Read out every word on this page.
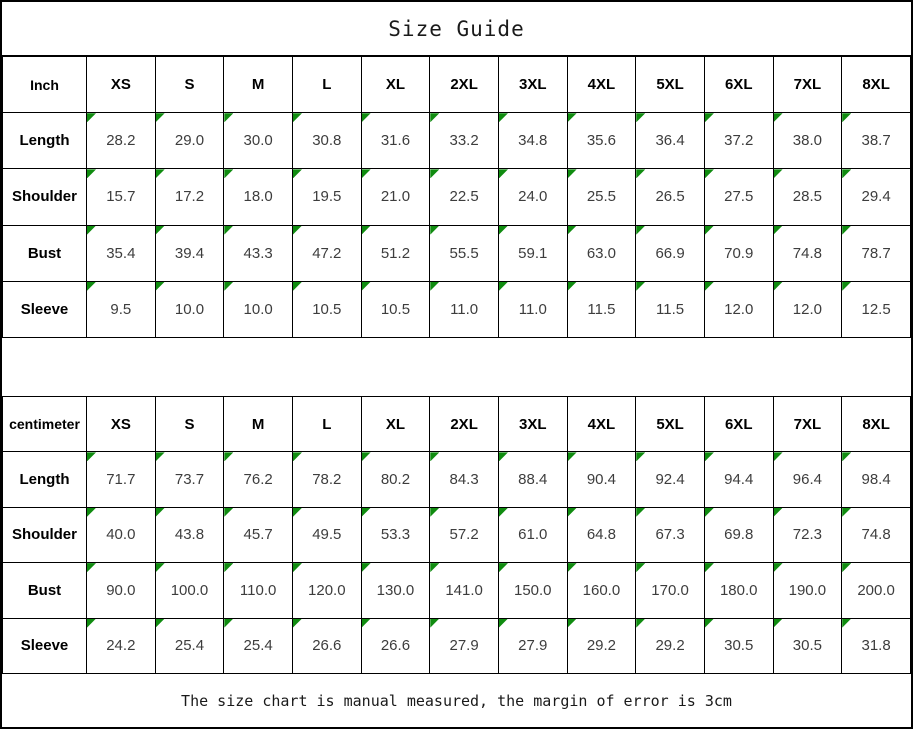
Size Guide
Inch	XS	S	M	L	XL	2XL	3XL	4XL	5XL	6XL	7XL	8XL
Length	28.2	29.0	30.0	30.8	31.6	33.2	34.8	35.6	36.4	37.2	38.0	38.7
Shoulder	15.7	17.2	18.0	19.5	21.0	22.5	24.0	25.5	26.5	27.5	28.5	29.4
Bust	35.4	39.4	43.3	47.2	51.2	55.5	59.1	63.0	66.9	70.9	74.8	78.7
Sleeve	9.5	10.0	10.0	10.5	10.5	11.0	11.0	11.5	11.5	12.0	12.0	12.5
centimeter	XS	S	M	L	XL	2XL	3XL	4XL	5XL	6XL	7XL	8XL
Length	71.7	73.7	76.2	78.2	80.2	84.3	88.4	90.4	92.4	94.4	96.4	98.4
Shoulder	40.0	43.8	45.7	49.5	53.3	57.2	61.0	64.8	67.3	69.8	72.3	74.8
Bust	90.0	100.0	110.0	120.0	130.0	141.0	150.0	160.0	170.0	180.0	190.0	200.0
Sleeve	24.2	25.4	25.4	26.6	26.6	27.9	27.9	29.2	29.2	30.5	30.5	31.8
The size chart is manual measured, the margin of error is 3cm
